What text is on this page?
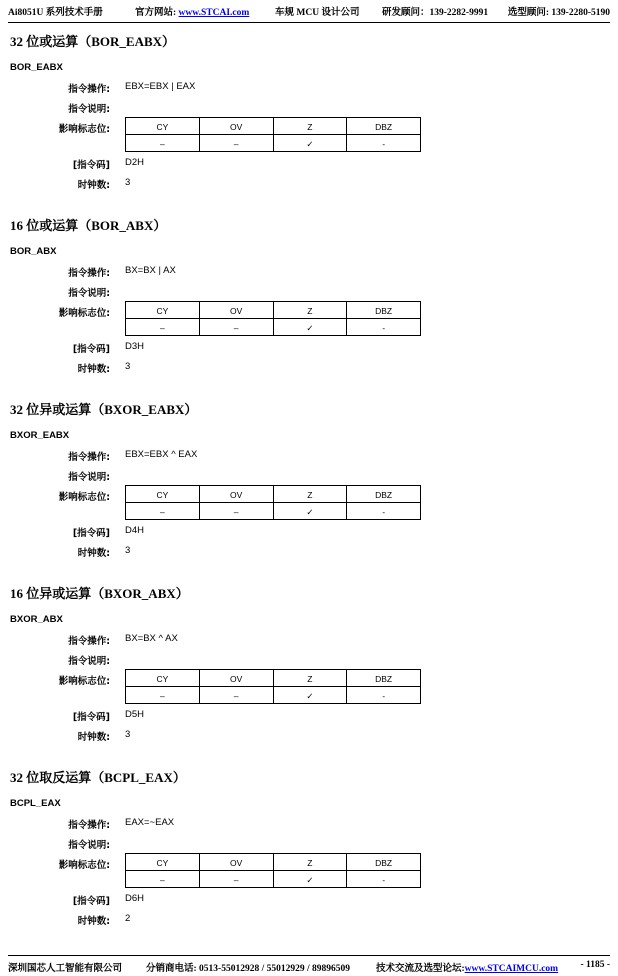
Ai8051U 系列技术手册	官方网站: www.STCAI.com	车规 MCU 设计公司 研发顾问：139-2282-9991 选型顾问: 139-2280-5190
32 位或运算（BOR_EABX）
BOR_EABX
指令操作: EBX=EBX | EAX
指令说明:
影响标志位:	CY	OV	Z	DBZ
–	–	✓	-
[指令码] D2H
时钟数: 3
16 位或运算（BOR_ABX）
BOR_ABX
指令操作: BX=BX | AX
指令说明:
影响标志位:	CY	OV	Z	DBZ
–	–	✓	-
[指令码] D3H
时钟数: 3
32 位异或运算（BXOR_EABX）
BXOR_EABX
指令操作: EBX=EBX ^ EAX
指令说明:
影响标志位:	CY	OV	Z	DBZ
–	–	✓	-
[指令码] D4H
时钟数: 3
16 位异或运算（BXOR_ABX）
BXOR_ABX
指令操作: BX=BX ^ AX
指令说明:
影响标志位:	CY	OV	Z	DBZ
–	–	✓	-
[指令码] D5H
时钟数: 3
32 位取反运算（BCPL_EAX）
BCPL_EAX
指令操作: EAX=~EAX
指令说明:
影响标志位:	CY	OV	Z	DBZ
–	–	✓	-
[指令码] D6H
时钟数: 2
深圳国芯人工智能有限公司	分销商电话: 0513-55012928 / 55012929 / 89896509	技术交流及选型论坛:www.STCAIMCU.com - 1185 -
